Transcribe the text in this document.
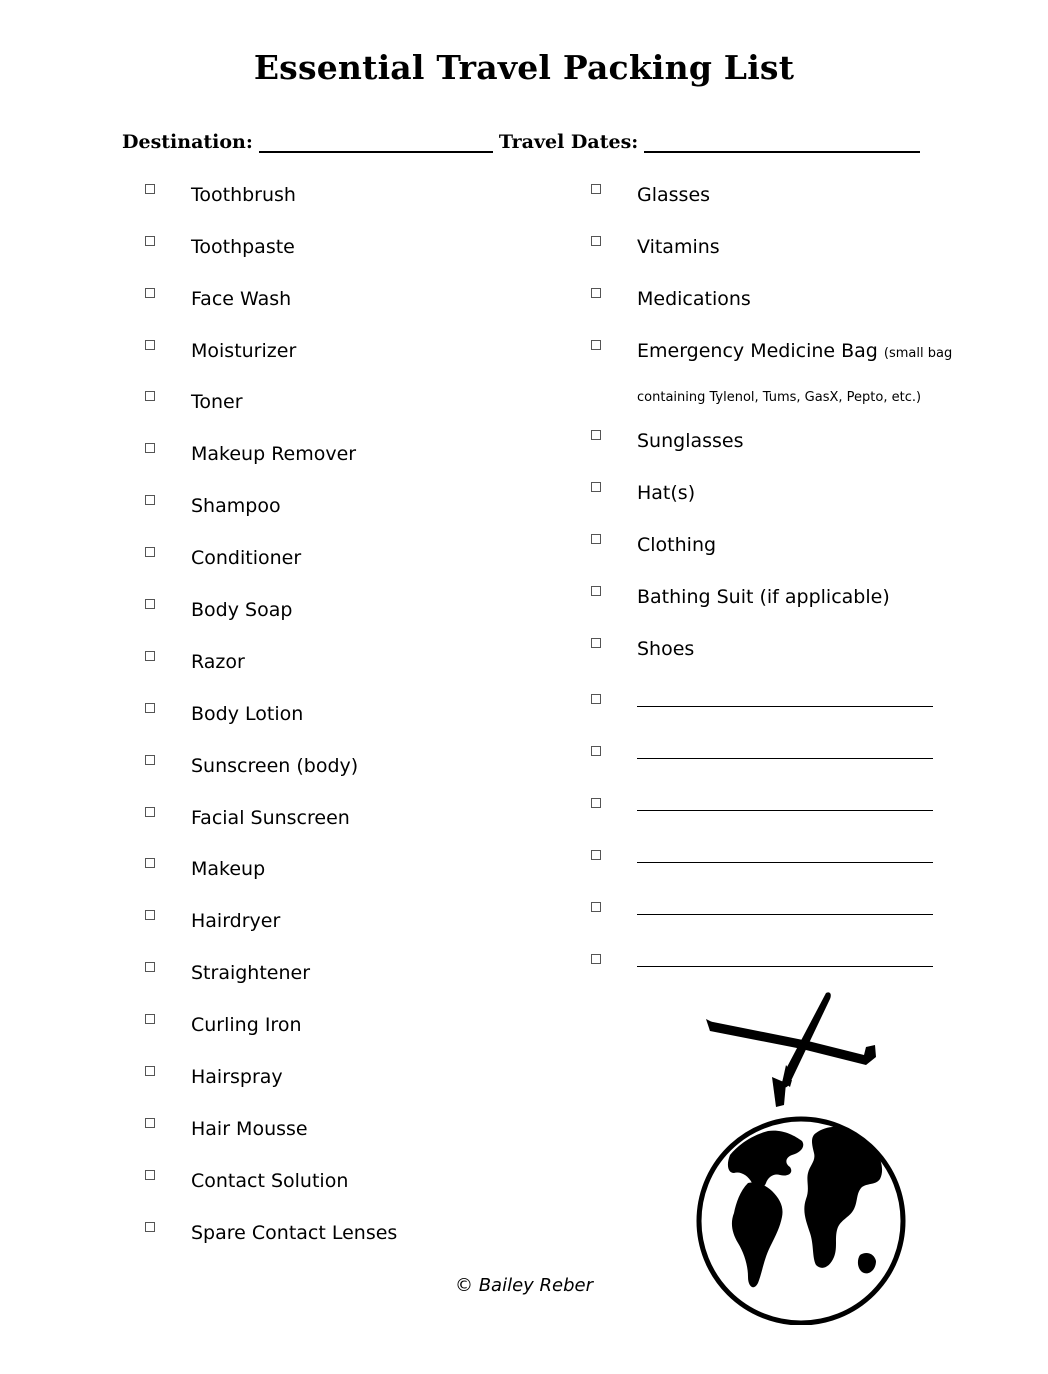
Essential Travel Packing List
Destination:	Travel Dates:
Toothbrush
Toothpaste
Face Wash
Moisturizer
Toner
Makeup Remover
Shampoo
Conditioner
Body Soap
Razor
Body Lotion
Sunscreen (body)
Facial Sunscreen
Makeup
Hairdryer
Straightener
Curling Iron
Hairspray
Hair Mousse
Contact Solution
Spare Contact Lenses
Glasses
Vitamins
Medications
Emergency Medicine Bag (small bag
containing Tylenol, Tums, GasX, Pepto, etc.)
Sunglasses
Hat(s)
Clothing
Bathing Suit (if applicable)
Shoes
© Bailey Reber
